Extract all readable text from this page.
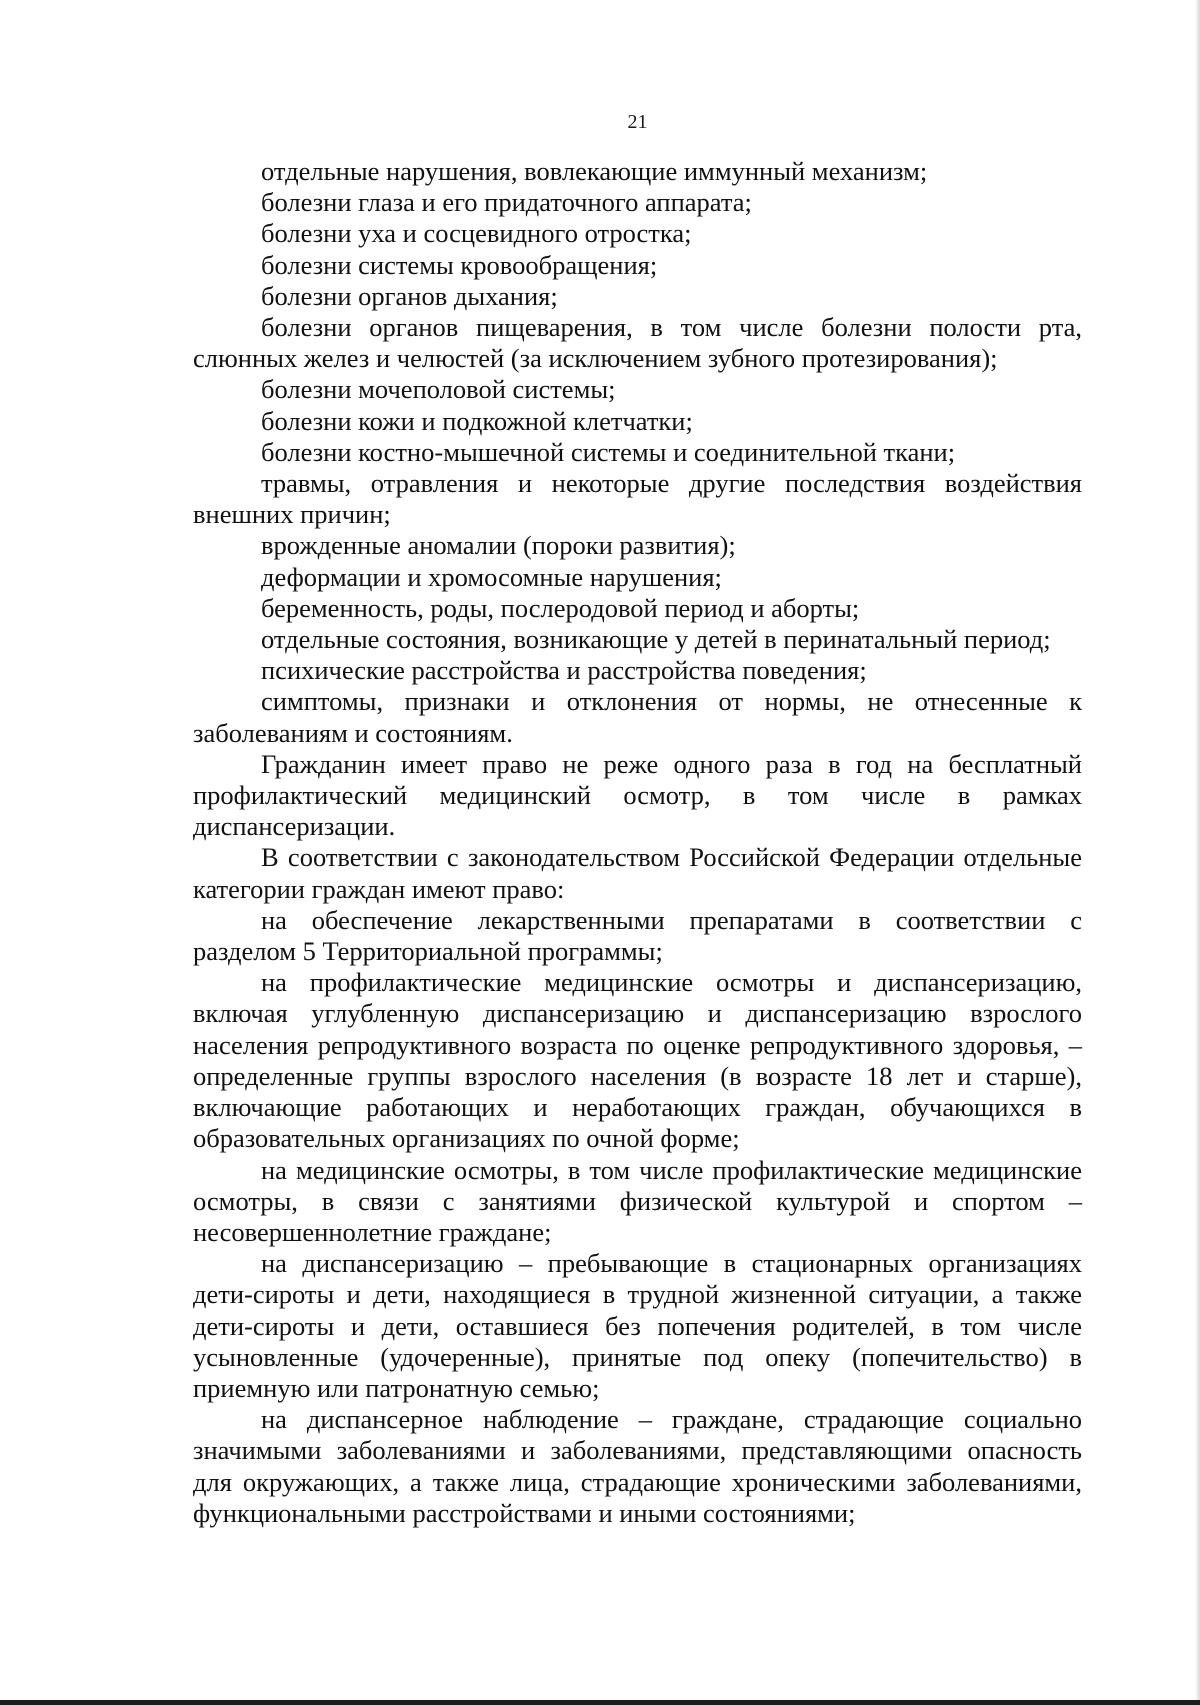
21

отдельные нарушения, вовлекающие иммунный механизм;

болезни глаза и его придаточного аппарата;

болезни уха и сосцевидного отростка;

болезни системы кровообращения;

болезни органов дыхания;

болезни органов пищеварения, в том числе болезни полости рта, слюнных желез и челюстей (за исключением зубного протезирования);

болезни мочеполовой системы;

болезни кожи и подкожной клетчатки;

болезни костно-мышечной системы и соединительной ткани;

травмы, отравления и некоторые другие последствия воздействия внешних причин;

врожденные аномалии (пороки развития);

деформации и хромосомные нарушения;

беременность, роды, послеродовой период и аборты;

отдельные состояния, возникающие у детей в перинатальный период;

психические расстройства и расстройства поведения;

симптомы, признаки и отклонения от нормы, не отнесенные к заболеваниям и состояниям.

Гражданин имеет право не реже одного раза в год на бесплатный профилактический медицинский осмотр, в том числе в рамках диспансеризации.

В соответствии с законодательством Российской Федерации отдельные категории граждан имеют право:

на обеспечение лекарственными препаратами в соответствии с разделом 5 Территориальной программы;

на профилактические медицинские осмотры и диспансеризацию, включая углубленную диспансеризацию и диспансеризацию взрослого населения репродуктивного возраста по оценке репродуктивного здоровья, – определенные группы взрослого населения (в возрасте 18 лет и старше), включающие работающих и неработающих граждан, обучающихся в образовательных организациях по очной форме;

на медицинские осмотры, в том числе профилактические медицинские осмотры, в связи с занятиями физической культурой и спортом – несовершеннолетние граждане;

на диспансеризацию – пребывающие в стационарных организациях дети-сироты и дети, находящиеся в трудной жизненной ситуации, а также дети-сироты и дети, оставшиеся без попечения родителей, в том числе усыновленные (удочеренные), принятые под опеку (попечительство) в приемную или патронатную семью;

на диспансерное наблюдение – граждане, страдающие социально значимыми заболеваниями и заболеваниями, представляющими опасность для окружающих, а также лица, страдающие хроническими заболеваниями, функциональными расстройствами и иными состояниями;
